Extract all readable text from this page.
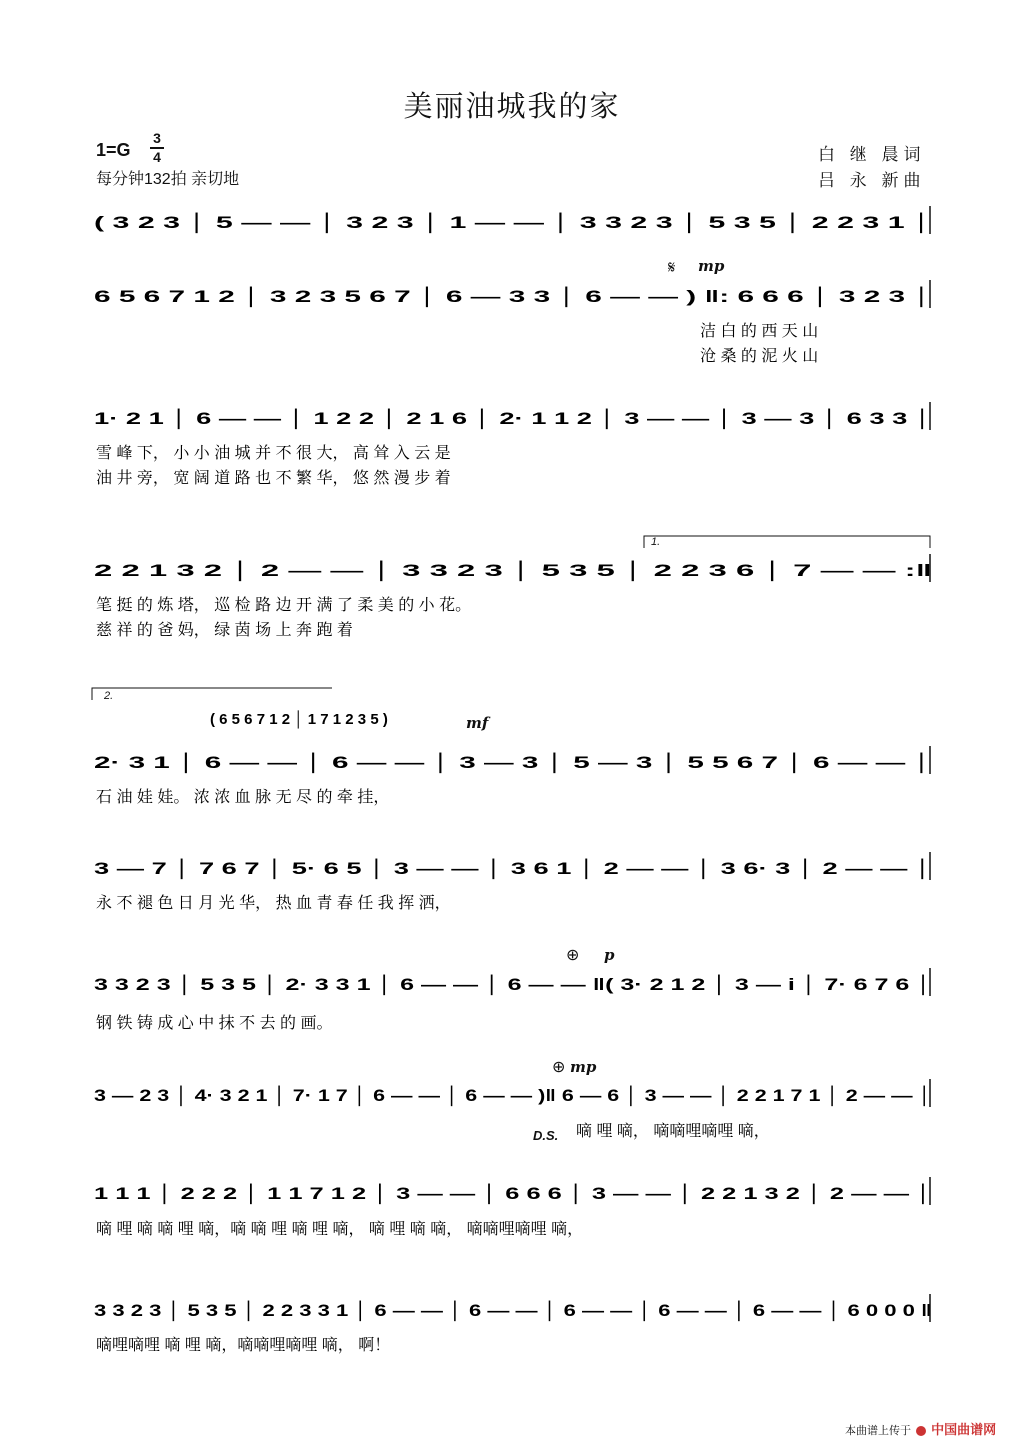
美丽油城我的家
1=G
3
4
每分钟132拍 亲切地
白 继 晨词
吕 永 新曲
( 3 2 3 │ 5 — — │ 3 2 3 │ 1 — — │ 3 3 2 3 │ 5 3 5 │ 2 2 3 1 │
6 5 6 7 1 2 │ 3 2 3 5 6 7 │ 6 — 3 3 │ 6 — — ) ‖: 6 6 6 │ 3 2 3 │
洁 白 的 西 天 山
沧 桑 的 泥 火 山
1· 2 1 │ 6 — — │ 1 2 2 │ 2 1 6 │ 2· 1 1 2 │ 3 — — │ 3 — 3 │ 6 3 3 │
雪 峰 下， 小 小 油 城 并 不 很 大， 高 耸 入 云 是
油 井 旁， 宽 阔 道 路 也 不 繁 华， 悠 然 漫 步 着
2 2 1 3 2 │ 2 — — │ 3 3 2 3 │ 5 3 5 │ 2 2 3 6 │ 7 — — :‖
笔 挺 的 炼 塔， 巡 检 路 边 开 满 了 柔 美 的 小 花。
慈 祥 的 爸 妈， 绿 茵 场 上 奔 跑 着
2· 3 1 │ 6 — — │ 6 — — │ 3 — 3 │ 5 — 3 │ 5 5 6 7 │ 6 — — │
( 6 5 6 7 1 2 │ 1 7 1 2 3 5 )
石 油 娃 娃。 浓 浓 血 脉 无 尽 的 牵 挂，
3 — 7 │ 7 6 7 │ 5· 6 5 │ 3 — — │ 3 6 1 │ 2 — — │ 3 6· 3 │ 2 — — │
永 不 褪 色 日 月 光 华， 热 血 青 春 任 我 挥 洒，
3 3 2 3 │ 5 3 5 │ 2· 3 3 1 │ 6 — — │ 6 — — ‖( 3· 2 1 2 │ 3 — i │ 7· 6 7 6 │
钢 铁 铸 成 心 中 抹 不 去 的 画。
3 — 2 3 │ 4· 3 2 1 │ 7· 1 7 │ 6 — — │ 6 — — )‖ 6 — 6 │ 3 — — │ 2 2 1 7 1 │ 2 — — │
嘀 哩 嘀， 嘀嘀哩嘀哩 嘀，
1 1 1 │ 2 2 2 │ 1 1 7 1 2 │ 3 — — │ 6 6 6 │ 3 — — │ 2 2 1 3 2 │ 2 — — │
嘀 哩 嘀 嘀 哩 嘀，嘀 嘀 哩 嘀 哩 嘀， 嘀 哩 嘀 嘀， 嘀嘀哩嘀哩 嘀，
3 3 2 3 │ 5 3 5 │ 2 2 3 3 1 │ 6 — — │ 6 — — │ 6 — — │ 6 — — │ 6 — — │ 6 0 0 0 ‖
嘀哩嘀哩 嘀 哩 嘀，嘀嘀哩嘀哩 嘀， 啊！
𝄋 mp
mf
⊕ p
⊕ mp
D.S.
1.
2.
本曲谱上传于 中国曲谱网
